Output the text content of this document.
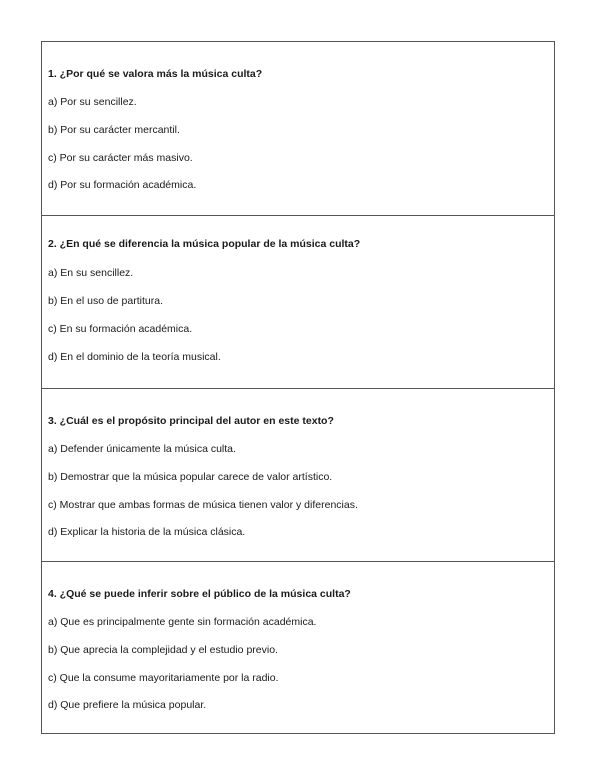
1. ¿Por qué se valora más la música culta?
a) Por su sencillez.
b) Por su carácter mercantil.
c) Por su carácter más masivo.
d) Por su formación académica.
2. ¿En qué se diferencia la música popular de la música culta?
a) En su sencillez.
b) En el uso de partitura.
c) En su formación académica.
d) En el dominio de la teoría musical.
3. ¿Cuál es el propósito principal del autor en este texto?
a) Defender únicamente la música culta.
b) Demostrar que la música popular carece de valor artístico.
c) Mostrar que ambas formas de música tienen valor y diferencias.
d) Explicar la historia de la música clásica.
4. ¿Qué se puede inferir sobre el público de la música culta?
a) Que es principalmente gente sin formación académica.
b) Que aprecia la complejidad y el estudio previo.
c) Que la consume mayoritariamente por la radio.
d) Que prefiere la música popular.
